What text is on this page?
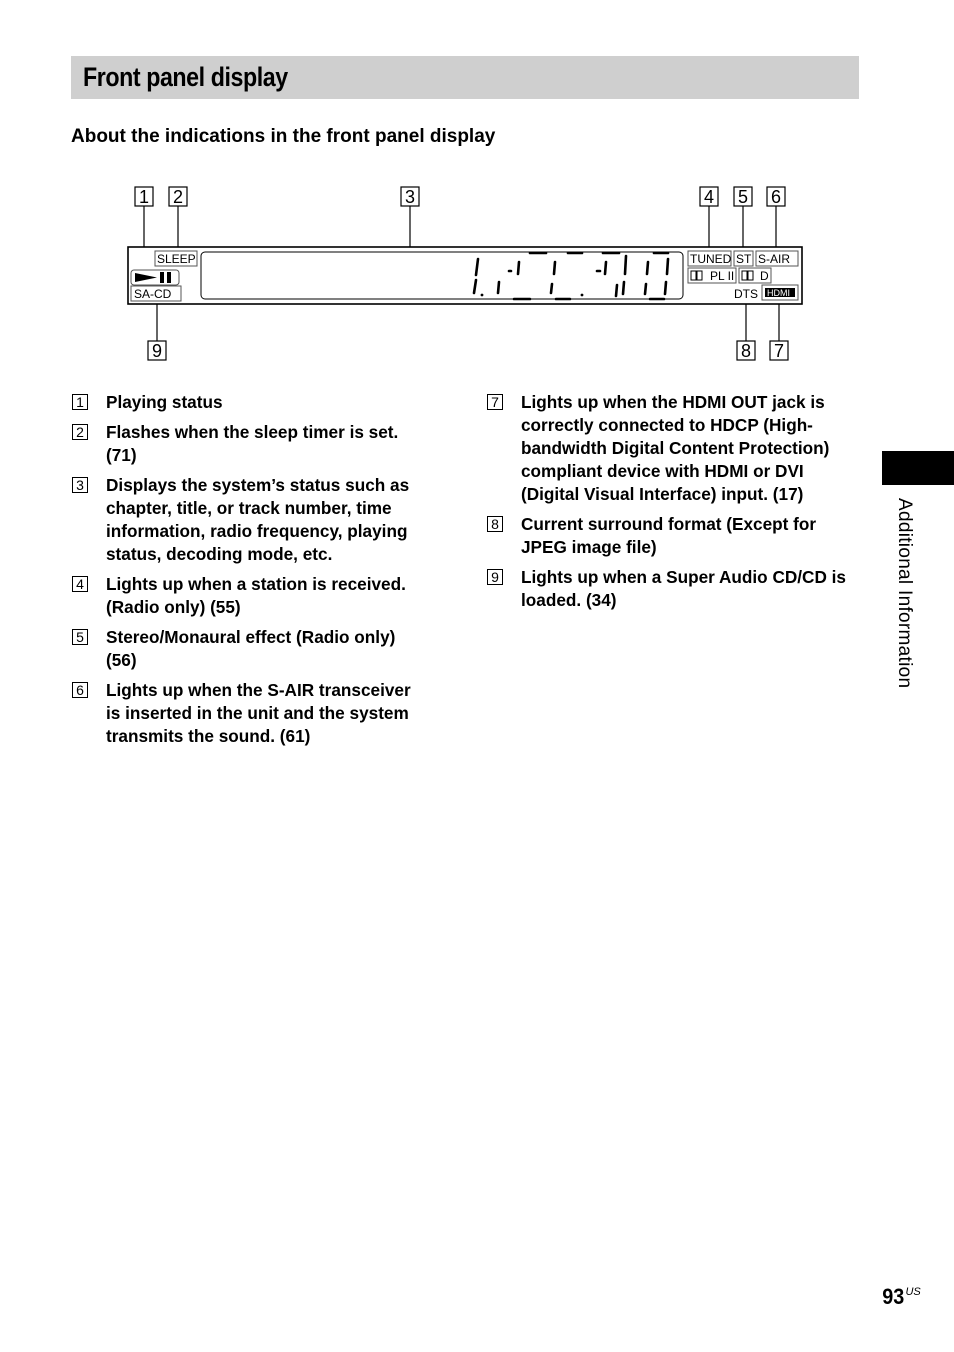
Front panel display
About the indications in the front panel display
1 2	3	4 5 6
9	8 7
SLEEP
SA-CD
TUNED ST S-AIR
PL II D
DTS HDMI
1 Playing status
2 Flashes when the sleep timer is set. (71)
3 Displays the system’s status such as chapter, title, or track number, time information, radio frequency, playing status, decoding mode, etc.
4 Lights up when a station is received. (Radio only) (55)
5 Stereo/Monaural effect (Radio only) (56)
6 Lights up when the S-AIR transceiver is inserted in the unit and the system transmits the sound. (61)
7 Lights up when the HDMI OUT jack is correctly connected to HDCP (High-bandwidth Digital Content Protection) compliant device with HDMI or DVI (Digital Visual Interface) input. (17)
8 Current surround format (Except for JPEG image file)
9 Lights up when a Super Audio CD/CD is loaded. (34)	Additional Information
$93^{US}$
